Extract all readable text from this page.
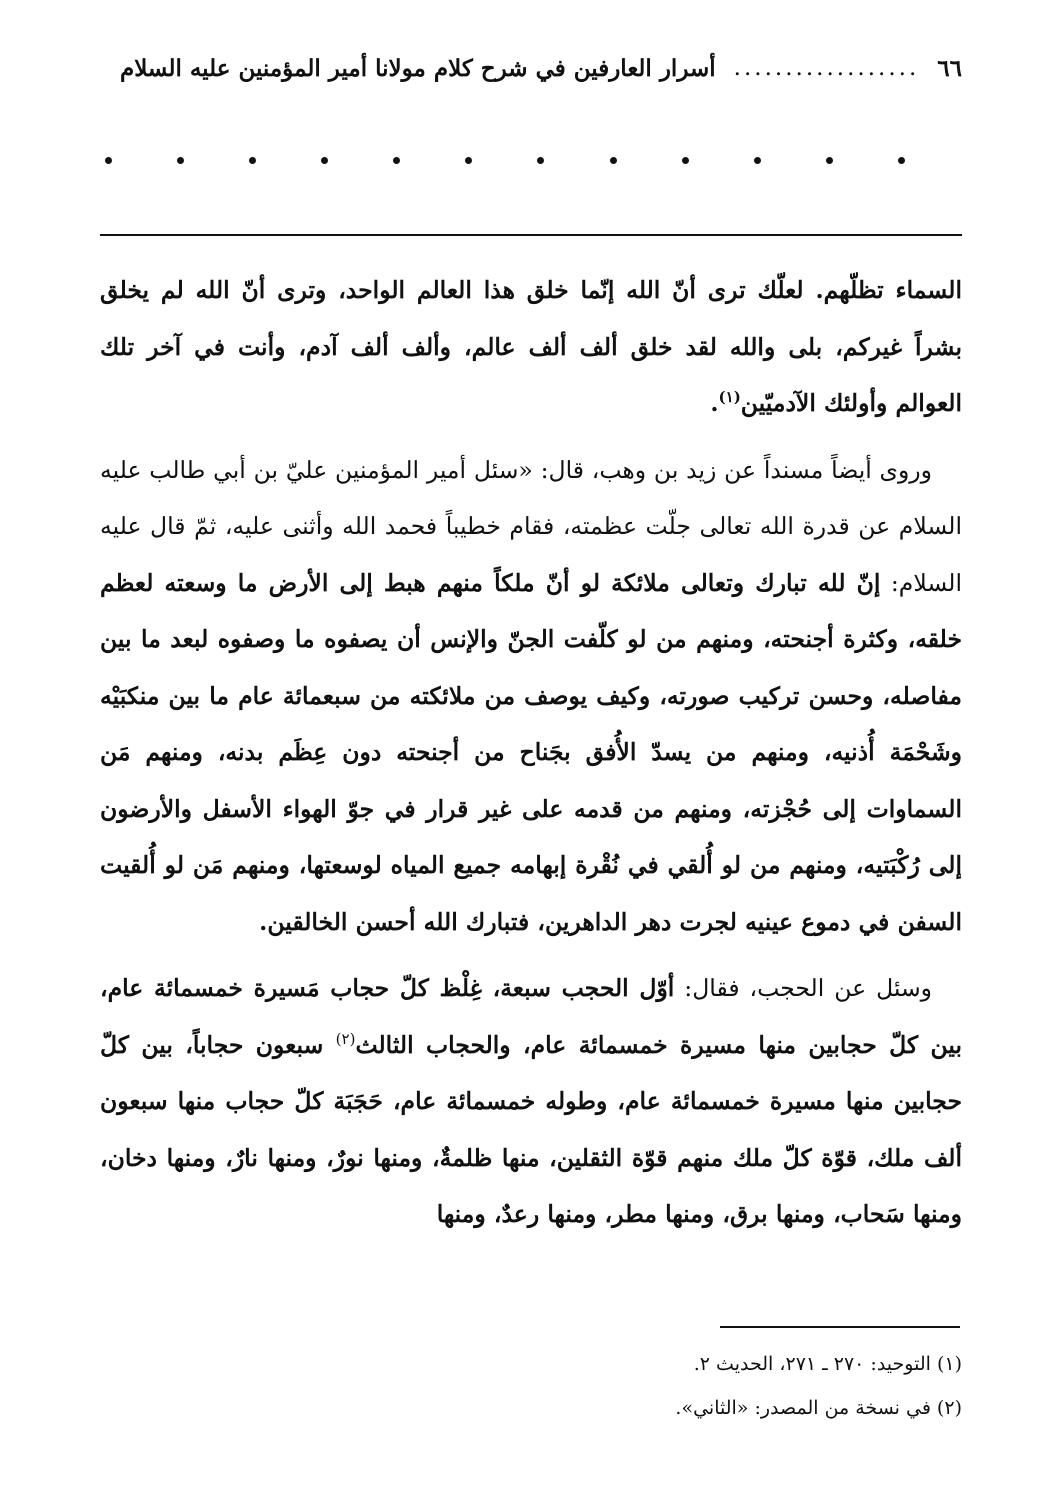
٦٦
..................
أسرار العارفين في شرح كلام مولانا أمير المؤمنين عليه السلام

السماء تظلّهم. لعلّك ترى أنّ الله إنّما خلق هذا العالم الواحد، وترى أنّ الله لم يخلق بشراً غيركم، بلى والله لقد خلق ألف ألف عالم، وألف ألف آدم، وأنت في آخر تلك العوالم وأولئك الآدميّين$^{(١)}$.

وروى أيضاً مسنداً عن زيد بن وهب، قال: «سئل أمير المؤمنين عليّ بن أبي طالب عليه السلام عن قدرة الله تعالى جلّت عظمته، فقام خطيباً فحمد الله وأثنى عليه، ثمّ قال عليه السلام: إنّ لله تبارك وتعالى ملائكة لو أنّ ملكاً منهم هبط إلى الأرض ما وسعته لعظم خلقه، وكثرة أجنحته، ومنهم من لو كلّفت الجنّ والإنس أن يصفوه ما وصفوه لبعد ما بين مفاصله، وحسن تركيب صورته، وكيف يوصف من ملائكته من سبعمائة عام ما بين منكبَيْه وشَحْمَة أُذنيه، ومنهم من يسدّ الأُفق بجَناح من أجنحته دون عِظَم بدنه، ومنهم مَن السماوات إلى حُجْزته، ومنهم من قدمه على غير قرار في جوّ الهواء الأسفل والأرضون إلى رُكْبَتيه، ومنهم من لو أُلقي في نُقْرة إبهامه جميع المياه لوسعتها، ومنهم مَن لو أُلقيت السفن في دموع عينيه لجرت دهر الداهرين، فتبارك الله أحسن الخالقين.

وسئل عن الحجب، فقال: أوّل الحجب سبعة، غِلْظ كلّ حجاب مَسيرة خمسمائة عام، بين كلّ حجابين منها مسيرة خمسمائة عام، والحجاب الثالث$^{(٢)}$ سبعون حجاباً، بين كلّ حجابين منها مسيرة خمسمائة عام، وطوله خمسمائة عام، حَجَبَة كلّ حجاب منها سبعون ألف ملك، قوّة كلّ ملك منهم قوّة الثقلين، منها ظلمةٌ، ومنها نورٌ، ومنها نارٌ، ومنها دخان، ومنها سَحاب، ومنها برق، ومنها مطر، ومنها رعدٌ، ومنها

(١) التوحيد: ٢٧٠ ـ ٢٧١، الحديث ٢.
(٢) في نسخة من المصدر: «الثاني».
